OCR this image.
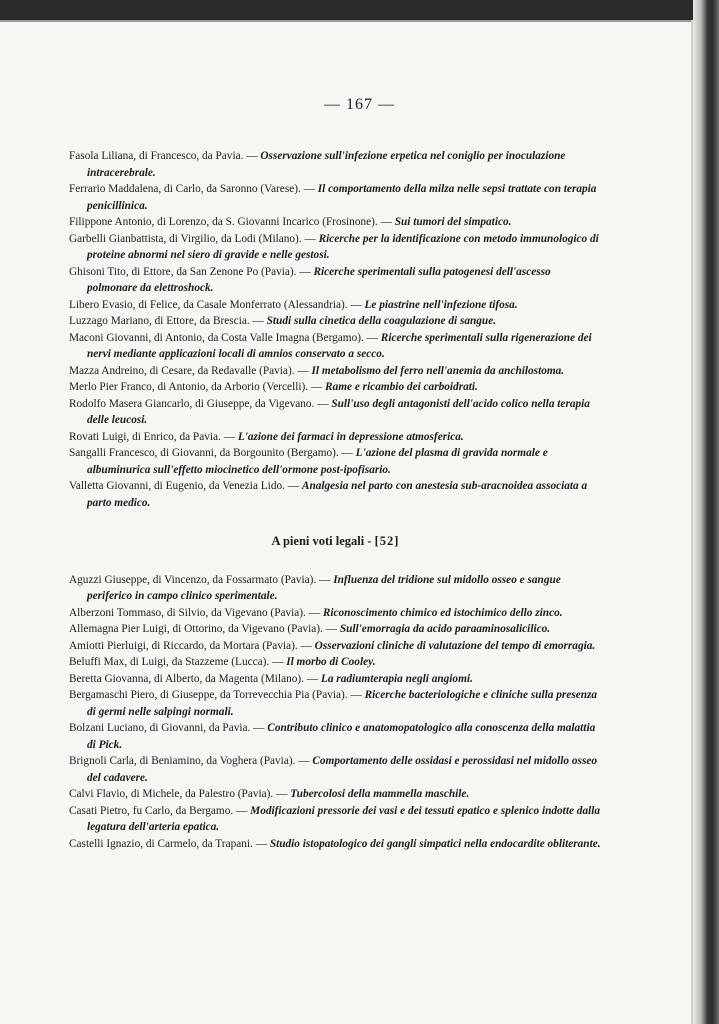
— 167 —

Fasola Liliana, di Francesco, da Pavia. — Osservazione sull'infezione erpetica nel coniglio per inoculazione intracerebrale.

Ferrario Maddalena, di Carlo, da Saronno (Varese). — Il comportamento della milza nelle sepsi trattate con terapia penicillinica.

Filippone Antonio, di Lorenzo, da S. Giovanni Incarico (Frosinone). — Sui tumori del simpatico.

Garbelli Gianbattista, di Virgilio, da Lodi (Milano). — Ricerche per la identificazione con metodo immunologico di proteine abnormi nel siero di gravide e nelle gestosi.

Ghisoni Tito, di Ettore, da San Zenone Po (Pavia). — Ricerche sperimentali sulla patogenesi dell'ascesso polmonare da elettroshock.

Libero Evasio, di Felice, da Casale Monferrato (Alessandria). — Le piastrine nell'infezione tifosa.

Luzzago Mariano, di Ettore, da Brescia. — Studi sulla cinetica della coagulazione di sangue.

Maconi Giovanni, di Antonio, da Costa Valle Imagna (Bergamo). — Ricerche sperimentali sulla rigenerazione dei nervi mediante applicazioni locali di amnios conservato a secco.

Mazza Andreino, di Cesare, da Redavalle (Pavia). — Il metabolismo del ferro nell'anemia da anchilostoma.

Merlo Pier Franco, di Antonio, da Arborio (Vercelli). — Rame e ricambio dei carboidrati.

Rodolfo Masera Giancarlo, di Giuseppe, da Vigevano. — Sull'uso degli antagonisti dell'acido colico nella terapia delle leucosi.

Rovati Luigi, di Enrico, da Pavia. — L'azione dei farmaci in depressione atmosferica.

Sangalli Francesco, di Giovanni, da Borgounito (Bergamo). — L'azione del plasma di gravida normale e albuminurica sull'effetto miocinetico dell'ormone post-ipofisario.

Valletta Giovanni, di Eugenio, da Venezia Lido. — Analgesia nel parto con anestesia sub-aracnoidea associata a parto medico.

A pieni voti legali - [52]

Aguzzi Giuseppe, di Vincenzo, da Fossarmato (Pavia). — Influenza del tridione sul midollo osseo e sangue periferico in campo clinico sperimentale.

Alberzoni Tommaso, di Silvio, da Vigevano (Pavia). — Riconoscimento chimico ed istochimico dello zinco.

Allemagna Pier Luigi, di Ottorino, da Vigevano (Pavia). — Sull'emorragia da acido paraaminosalicilico.

Amiotti Pierluigi, di Riccardo, da Mortara (Pavia). — Osservazioni cliniche di valutazione del tempo di emorragia.

Beluffi Max, di Luigi, da Stazzeme (Lucca). — Il morbo di Cooley.

Beretta Giovanna, di Alberto, da Magenta (Milano). — La radiumterapia negli angiomi.

Bergamaschi Piero, di Giuseppe, da Torrevecchia Pia (Pavia). — Ricerche bacteriologiche e cliniche sulla presenza di germi nelle salpingi normali.

Bolzani Luciano, di Giovanni, da Pavia. — Contributo clinico e anatomopatologico alla conoscenza della malattia di Pick.

Brignoli Carla, di Beniamino, da Voghera (Pavia). — Comportamento delle ossidasi e perossidasi nel midollo osseo del cadavere.

Calvi Flavio, di Michele, da Palestro (Pavia). — Tubercolosi della mammella maschile.

Casati Pietro, fu Carlo, da Bergamo. — Modificazioni pressorie dei vasi e dei tessuti epatico e splenico indotte dalla legatura dell'arteria epatica.

Castelli Ignazio, di Carmelo, da Trapani. — Studio istopatologico dei gangli simpatici nella endocardite obliterante.
